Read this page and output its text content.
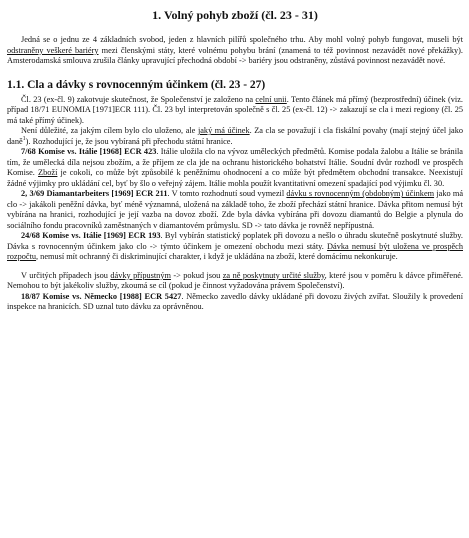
1. Volný pohyb zboží (čl. 23 - 31)

Jedná se o jednu ze 4 základních svobod, jeden z hlavních pilířů společného trhu. Aby mohl volný pohyb fungovat, museli být odstraněny veškeré bariéry mezi členskými státy, které volnému pohybu brání (znamená to též povinnost nezavádět nové překážky). Amsterodamská smlouva zrušila články upravující přechodná období -> bariéry jsou odstraněny, zůstává povinnost nezavádět nové.

1.1. Cla a dávky s rovnocenným účinkem (čl. 23 - 27)

Čl. 23 (ex-čl. 9) zakotvuje skutečnost, že Společenství je založeno na celní unii. Tento článek má přímý (bezprostřední) účinek (viz. případ 18/71 EUNOMIA [1971]ECR 111). Čl. 23 byl interpretován společně s čl. 25 (ex-čl. 12) -> zakazují se cla i mezi regiony (čl. 25 má také přímý účinek).

Není důležité, za jakým cílem bylo clo uloženo, ale jaký má účinek. Za cla se považují i cla fiskální povahy (mají stejný účel jako daně$^1$). Rozhodující je, že jsou vybíraná při přechodu státní hranice.

7/68 Komise vs. Itálie [1968] ECR 423. Itálie uložila clo na vývoz uměleckých předmětů. Komise podala žalobu a Itálie se bránila tím, že umělecká díla nejsou zbožím, a že příjem ze cla jde na ochranu historického bohatství Itálie. Soudní dvůr rozhodl ve prospěch Komise. Zboží je cokoli, co může být způsobilé k peněžnímu ohodnocení a co může být předmětem obchodní transakce. Neexistují žádné výjimky pro ukládání cel, byť by šlo o veřejný zájem. Itálie mohla použít kvantitativní omezení spadající pod výjimku čl. 30.

2, 3/69 Diamantarbeiters [1969] ECR 211. V tomto rozhodnutí soud vymezil dávku s rovnocenným (obdobným) účinkem jako má clo -> jakákoli peněžní dávka, byť méně významná, uložená na základě toho, že zboží přechází státní hranice. Dávka přitom nemusí být vybírána na hranici, rozhodující je její vazba na dovoz zboží. Zde byla dávka vybírána při dovozu diamantů do Belgie a plynula do sociálního fondu pracovníků zaměstnaných v diamantovém průmyslu. SD -> tato dávka je rovněž nepřípustná.

24/68 Komise vs. Itálie [1969] ECR 193. Byl vybírán statistický poplatek při dovozu a nešlo o úhradu skutečně poskytnuté služby. Dávka s rovnocenným účinkem jako clo -> týmto účinkem je omezení obchodu mezi státy. Dávka nemusí být uložena ve prospěch rozpočtu, nemusí mít ochranný či diskriminující charakter, i když je ukládána na zboží, které domácímu nekonkuruje.

V určitých případech jsou dávky přípustným -> pokud jsou za ně poskytnuty určité služby, které jsou v poměru k dávce přiměřené. Nemohou to být jakékoliv služby, zkoumá se cíl (pokud je činnost vyžadována právem Společenství).

18/87 Komise vs. Německo [1988] ECR 5427. Německo zavedlo dávky ukládané při dovozu živých zvířat. Sloužily k provedení inspekce na hranicích. SD uznal tuto dávku za oprávněnou.
